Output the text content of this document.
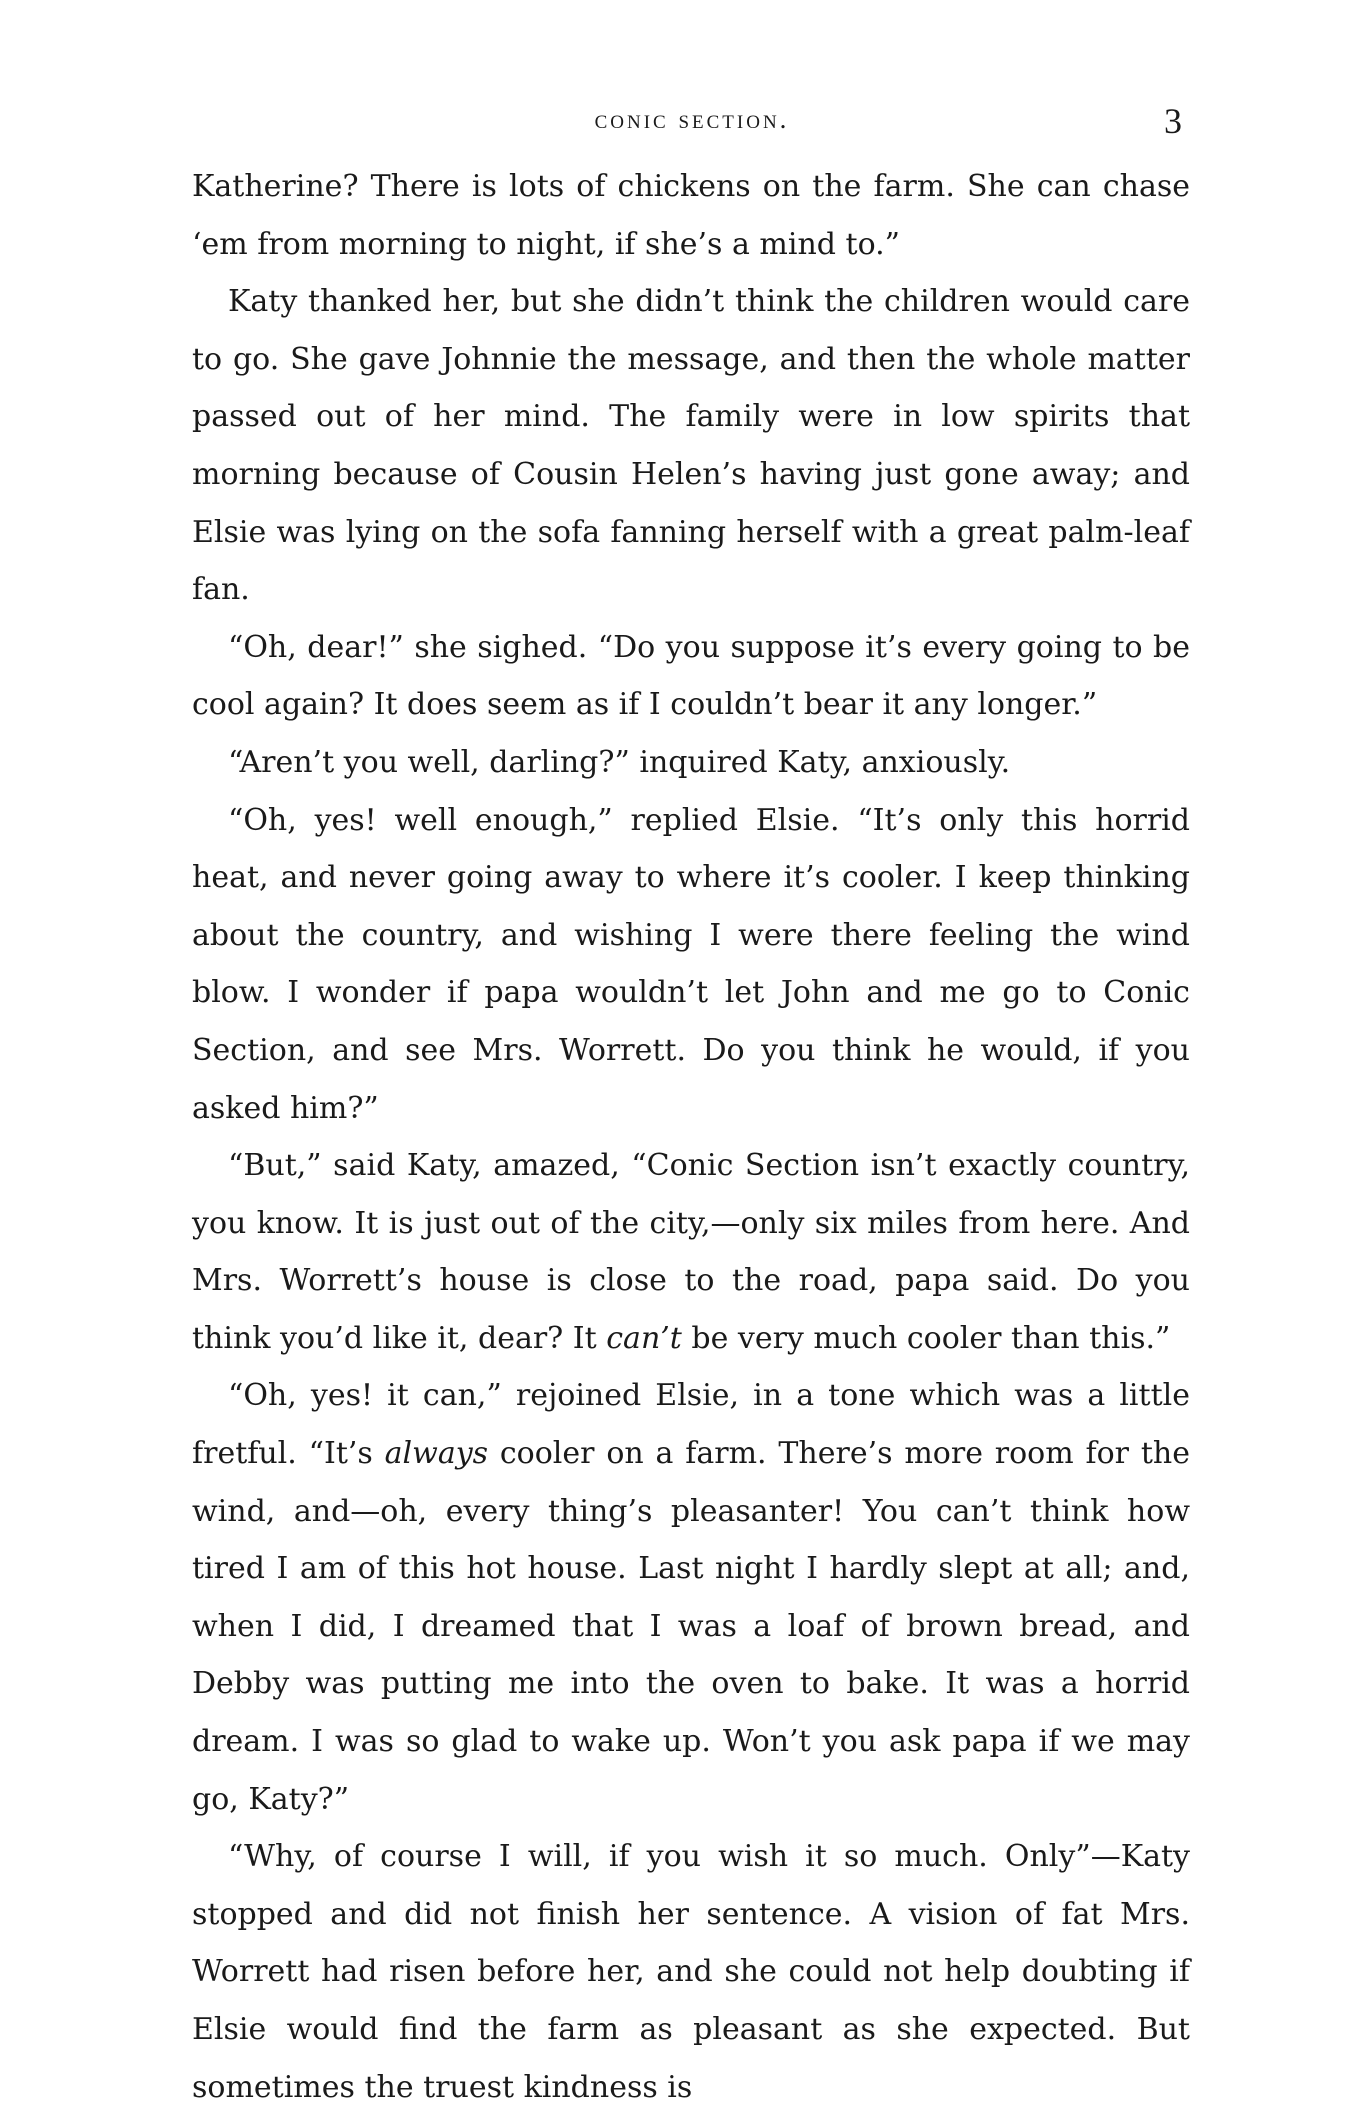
conic section.	3

Katherine? There is lots of chickens on the farm. She can chase ‘em from morning to night, if she’s a mind to.”

Katy thanked her, but she didn’t think the children would care to go. She gave Johnnie the message, and then the whole matter passed out of her mind. The family were in low spirits that morning because of Cousin Helen’s having just gone away; and Elsie was lying on the sofa fanning herself with a great palm-leaf fan.

“Oh, dear!” she sighed. “Do you suppose it’s every going to be cool again? It does seem as if I couldn’t bear it any longer.”

“Aren’t you well, darling?” inquired Katy, anxiously.

“Oh, yes! well enough,” replied Elsie. “It’s only this horrid heat, and never going away to where it’s cooler. I keep thinking about the country, and wishing I were there feeling the wind blow. I wonder if papa wouldn’t let John and me go to Conic Section, and see Mrs. Worrett. Do you think he would, if you asked him?”

“But,” said Katy, amazed, “Conic Section isn’t exactly country, you know. It is just out of the city,—only six miles from here. And Mrs. Worrett’s house is close to the road, papa said. Do you think you’d like it, dear? It can’t be very much cooler than this.”

“Oh, yes! it can,” rejoined Elsie, in a tone which was a little fretful. “It’s always cooler on a farm. There’s more room for the wind, and—oh, every thing’s pleasanter! You can’t think how tired I am of this hot house. Last night I hardly slept at all; and, when I did, I dreamed that I was a loaf of brown bread, and Debby was putting me into the oven to bake. It was a horrid dream. I was so glad to wake up. Won’t you ask papa if we may go, Katy?”

“Why, of course I will, if you wish it so much. Only”—Katy stopped and did not finish her sentence. A vision of fat Mrs. Worrett had risen before her, and she could not help doubting if Elsie would find the farm as pleasant as she expected. But sometimes the truest kindness is
